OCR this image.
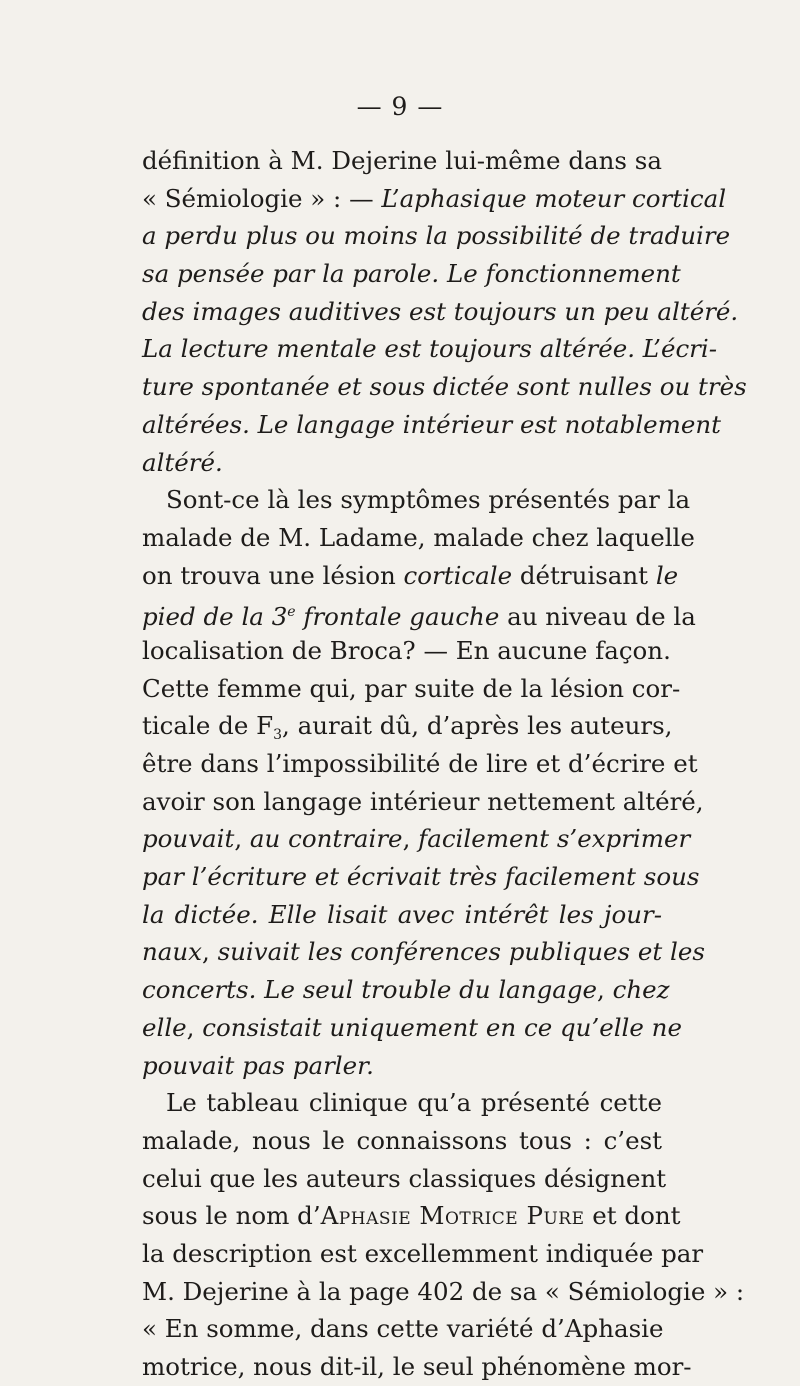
— 9 —
définition à M. Dejerine lui-même dans sa
« Sémiologie » : — L’aphasique moteur cortical
a perdu plus ou moins la possibilité de traduire
sa pensée par la parole. Le fonctionnement
des images auditives est toujours un peu altéré.
La lecture mentale est toujours altérée. L’écri-
ture spontanée et sous dictée sont nulles ou très
altérées. Le langage intérieur est notablement
altéré.
Sont-ce là les symptômes présentés par la
malade de M. Ladame, malade chez laquelle
on trouva une lésion corticale détruisant le
pied de la 3e frontale gauche au niveau de la
localisation de Broca? — En aucune façon.
Cette femme qui, par suite de la lésion cor-
ticale de $F_3$, aurait dû, d’après les auteurs,
être dans l’impossibilité de lire et d’écrire et
avoir son langage intérieur nettement altéré,
pouvait, au contraire, facilement s’exprimer
par l’écriture et écrivait très facilement sous
la dictée. Elle lisait avec intérêt les jour-
naux, suivait les conférences publiques et les
concerts. Le seul trouble du langage, chez
elle, consistait uniquement en ce qu’elle ne
pouvait pas parler.
Le tableau clinique qu’a présenté cette
malade, nous le connaissons tous : c’est
celui que les auteurs classiques désignent
sous le nom d’Aphasie Motrice Pure et dont
la description est excellemment indiquée par
M. Dejerine à la page 402 de sa « Sémiologie » :
« En somme, dans cette variété d’Aphasie
motrice, nous dit-il, le seul phénomène mor-
